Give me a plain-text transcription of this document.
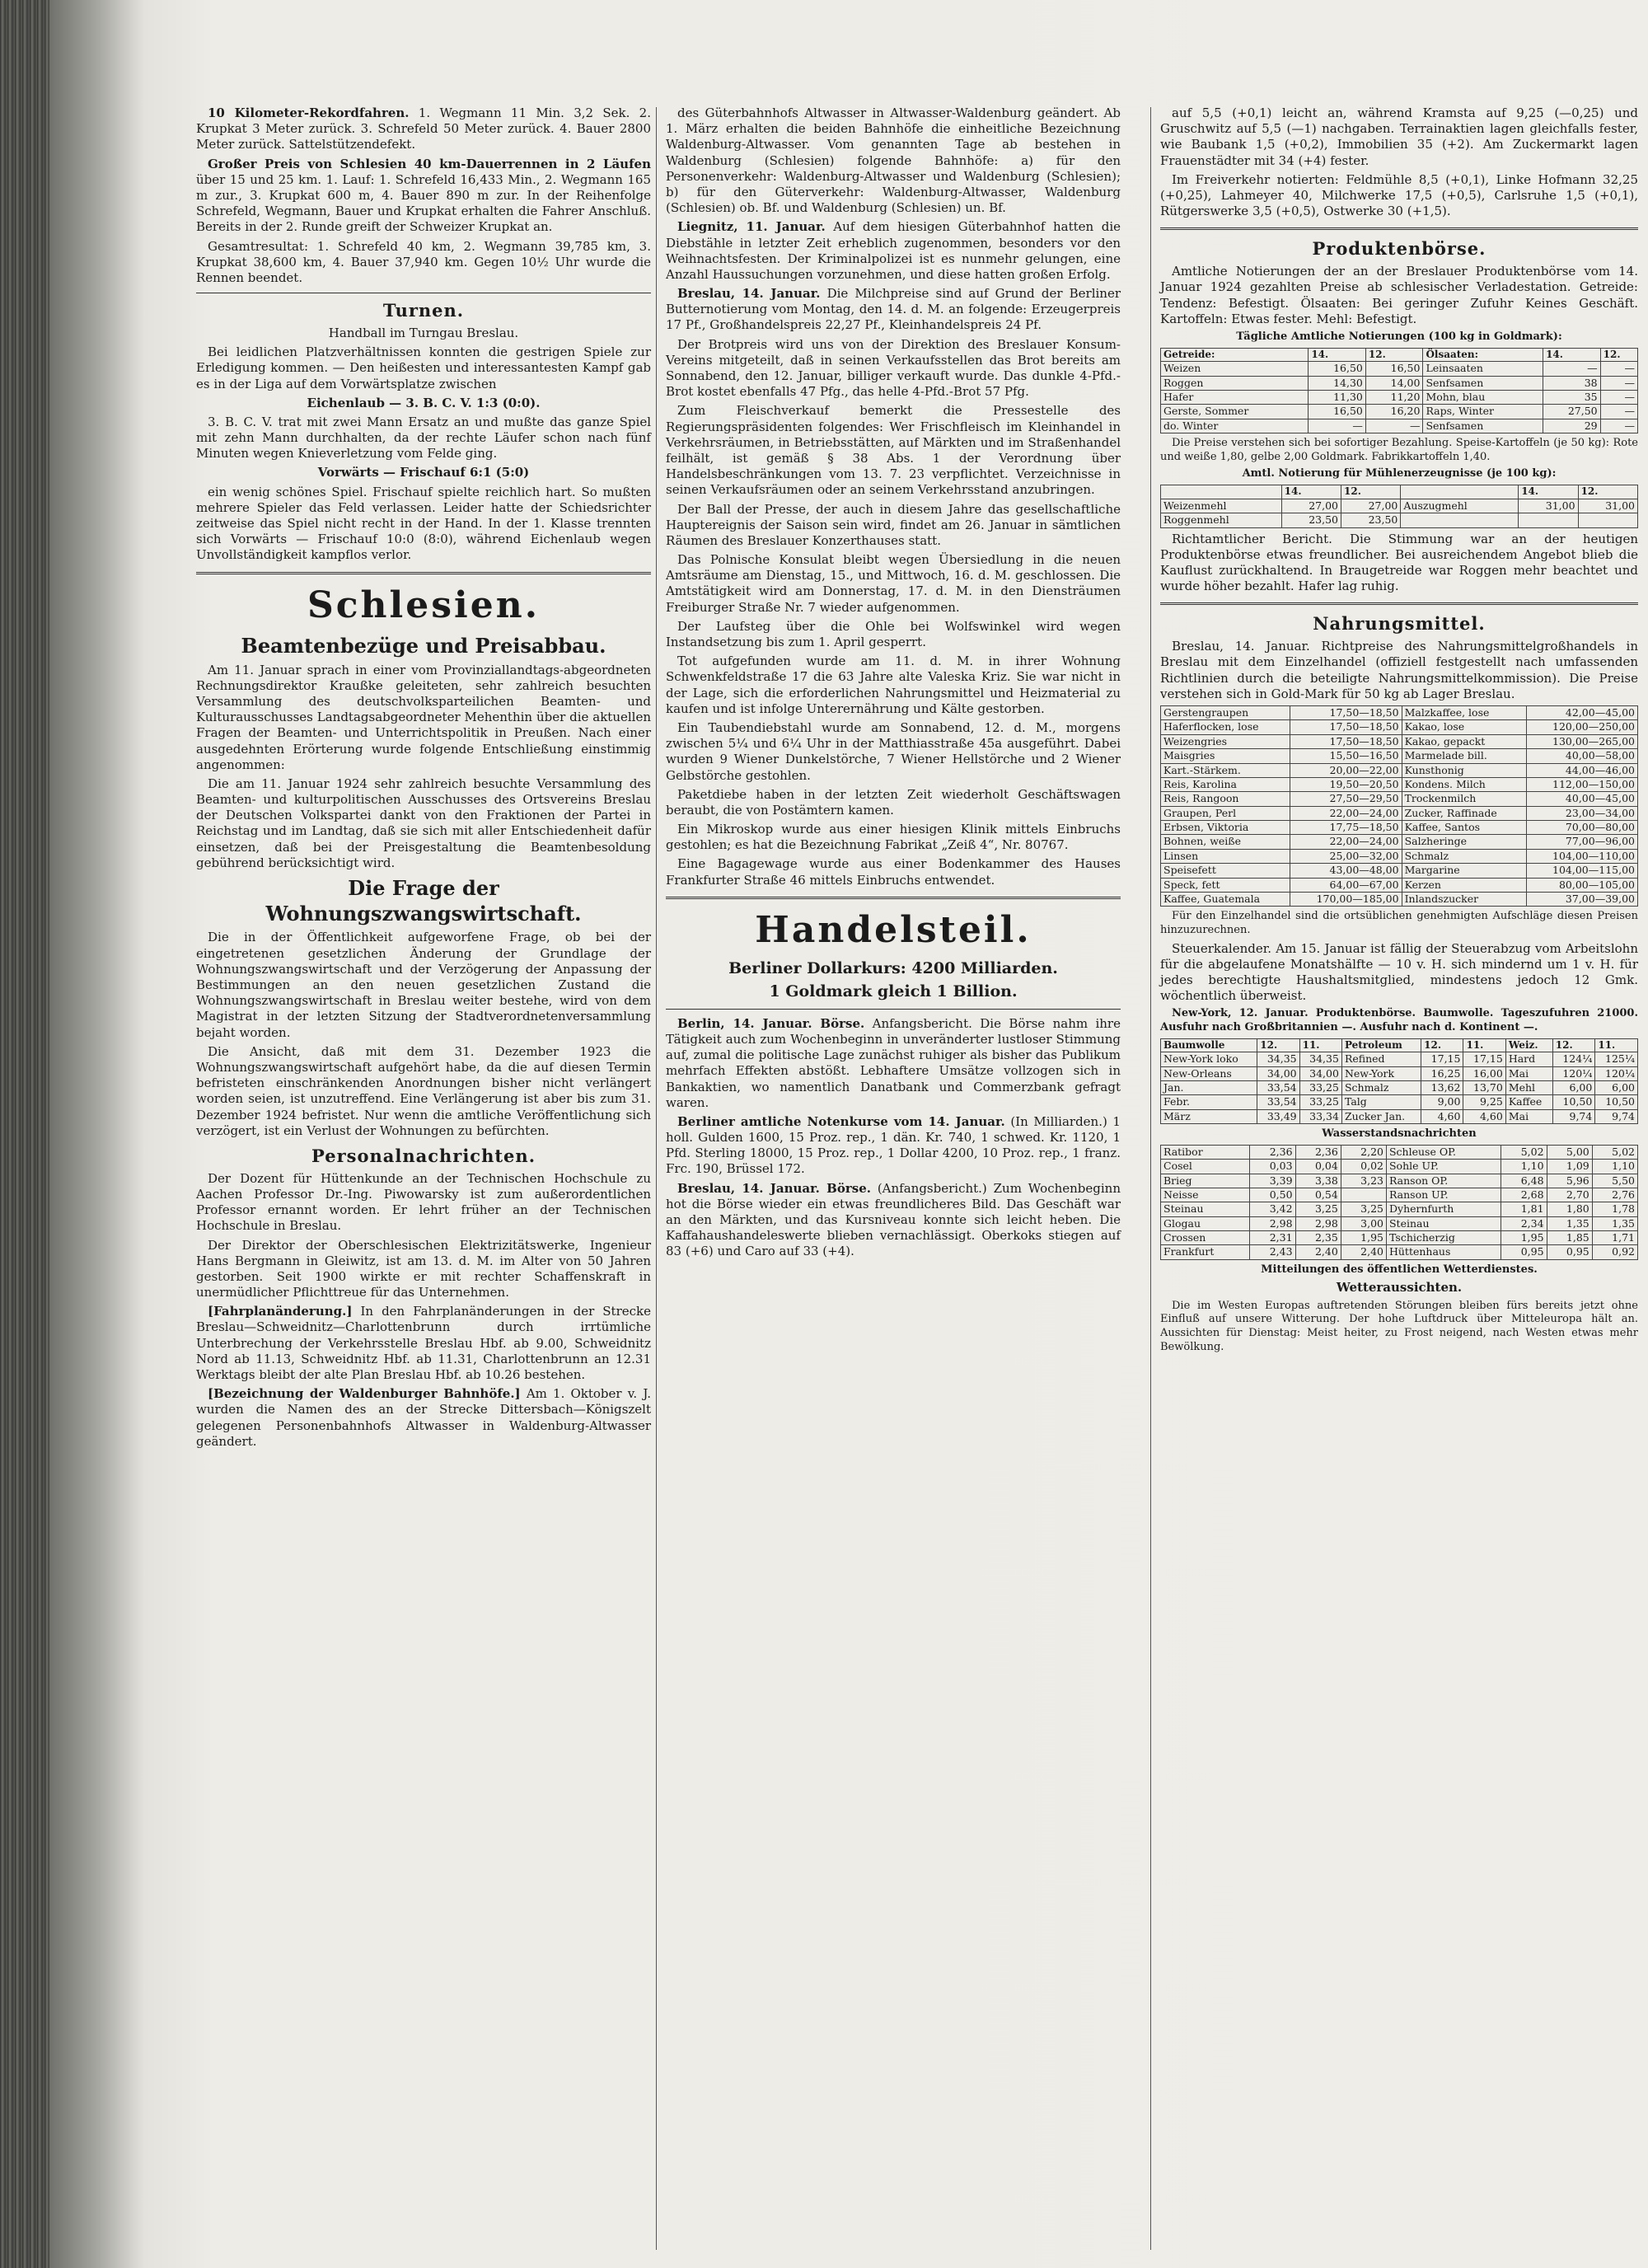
10 Kilometer-Rekordfahren. 1. Wegmann 11 Min. 3,2 Sek. 2. Krupkat 3 Meter zurück. 3. Schrefeld 50 Meter zurück. 4. Bauer 2800 Meter zurück. Sattelstützendefekt.

Großer Preis von Schlesien 40 km-Dauerrennen in 2 Läufen über 15 und 25 km. 1. Lauf: 1. Schrefeld 16,433 Min., 2. Wegmann 165 m zur., 3. Krupkat 600 m, 4. Bauer 890 m zur. In der Reihenfolge Schrefeld, Wegmann, Bauer und Krupkat erhalten die Fahrer Anschluß. Bereits in der 2. Runde greift der Schweizer Krupkat an.

Gesamtresultat: 1. Schrefeld 40 km, 2. Wegmann 39,785 km, 3. Krupkat 38,600 km, 4. Bauer 37,940 km. Gegen 10½ Uhr wurde die Rennen beendet.

Turnen.

Handball im Turngau Breslau.

Bei leidlichen Platzverhältnissen konnten die gestrigen Spiele zur Erledigung kommen. — Den heißesten und interessantesten Kampf gab es in der Liga auf dem Vorwärtsplatze zwischen

Eichenlaub — 3. B. C. V. 1:3 (0:0).

3. B. C. V. trat mit zwei Mann Ersatz an und mußte das ganze Spiel mit zehn Mann durchhalten, da der rechte Läufer schon nach fünf Minuten wegen Knieverletzung vom Felde ging.

Vorwärts — Frischauf 6:1 (5:0)

ein wenig schönes Spiel. Frischauf spielte reichlich hart. So mußten mehrere Spieler das Feld verlassen. Leider hatte der Schiedsrichter zeitweise das Spiel nicht recht in der Hand. In der 1. Klasse trennten sich Vorwärts — Frischauf 10:0 (8:0), während Eichenlaub wegen Unvollständigkeit kampflos verlor.

Schlesien.
Beamtenbezüge und Preisabbau.

Am 11. Januar sprach in einer vom Provinziallandtags-abgeordneten Rechnungsdirektor Kraußke geleiteten, sehr zahlreich besuchten Versammlung des deutschvolksparteilichen Beamten- und Kulturausschusses Landtagsabgeordneter Mehenthin über die aktuellen Fragen der Beamten- und Unterrichtspolitik in Preußen. Nach einer ausgedehnten Erörterung wurde folgende Entschließung einstimmig angenommen:

Die am 11. Januar 1924 sehr zahlreich besuchte Versammlung des Beamten- und kulturpolitischen Ausschusses des Ortsvereins Breslau der Deutschen Volkspartei dankt von den Fraktionen der Partei in Reichstag und im Landtag, daß sie sich mit aller Entschiedenheit dafür einsetzen, daß bei der Preisgestaltung die Beamtenbesoldung gebührend berücksichtigt wird.

Die Frage der Wohnungszwangswirtschaft.

Die in der Öffentlichkeit aufgeworfene Frage, ob bei der eingetretenen gesetzlichen Änderung der Grundlage der Wohnungszwangswirtschaft und der Verzögerung der Anpassung der Bestimmungen an den neuen gesetzlichen Zustand die Wohnungszwangswirtschaft in Breslau weiter bestehe, wird von dem Magistrat in der letzten Sitzung der Stadtverordnetenversammlung bejaht worden.

Die Ansicht, daß mit dem 31. Dezember 1923 die Wohnungszwangswirtschaft aufgehört habe, da die auf diesen Termin befristeten einschränkenden Anordnungen bisher nicht verlängert worden seien, ist unzutreffend. Eine Verlängerung ist aber bis zum 31. Dezember 1924 befristet. Nur wenn die amtliche Veröffentlichung sich verzögert, ist ein Verlust der Wohnungen zu befürchten.

Personalnachrichten.

Der Dozent für Hüttenkunde an der Technischen Hochschule zu Aachen Professor Dr.-Ing. Piwowarsky ist zum außerordentlichen Professor ernannt worden. Er lehrt früher an der Technischen Hochschule in Breslau.

Der Direktor der Oberschlesischen Elektrizitätswerke, Ingenieur Hans Bergmann in Gleiwitz, ist am 13. d. M. im Alter von 50 Jahren gestorben. Seit 1900 wirkte er mit rechter Schaffenskraft in unermüdlicher Pflichttreue für das Unternehmen.

[Fahrplanänderung.] In den Fahrplanänderungen in der Strecke Breslau—Schweidnitz—Charlottenbrunn durch irrtümliche Unterbrechung der Verkehrsstelle Breslau Hbf. ab 9.00, Schweidnitz Nord ab 11.13, Schweidnitz Hbf. ab 11.31, Charlottenbrunn an 12.31 Werktags bleibt der alte Plan Breslau Hbf. ab 10.26 bestehen.

[Bezeichnung der Waldenburger Bahnhöfe.] Am 1. Oktober v. J. wurden die Namen des an der Strecke Dittersbach—Königszelt gelegenen Personenbahnhofs Altwasser in Waldenburg-Altwasser geändert.

des Güterbahnhofs Altwasser in Altwasser-Waldenburg geändert. Ab 1. März erhalten die beiden Bahnhöfe die einheitliche Bezeichnung Waldenburg-Altwasser. Vom genannten Tage ab bestehen in Waldenburg (Schlesien) folgende Bahnhöfe: a) für den Personenverkehr: Waldenburg-Altwasser und Waldenburg (Schlesien); b) für den Güterverkehr: Waldenburg-Altwasser, Waldenburg (Schlesien) ob. Bf. und Waldenburg (Schlesien) un. Bf.

Liegnitz, 11. Januar. Auf dem hiesigen Güterbahnhof hatten die Diebstähle in letzter Zeit erheblich zugenommen, besonders vor den Weihnachtsfesten. Der Kriminalpolizei ist es nunmehr gelungen, eine Anzahl Haussuchungen vorzunehmen, und diese hatten großen Erfolg.

Breslau, 14. Januar. Die Milchpreise sind auf Grund der Berliner Butternotierung vom Montag, den 14. d. M. an folgende: Erzeugerpreis 17 Pf., Großhandelspreis 22,27 Pf., Kleinhandelspreis 24 Pf.

Der Brotpreis wird uns von der Direktion des Breslauer Konsum-Vereins mitgeteilt, daß in seinen Verkaufsstellen das Brot bereits am Sonnabend, den 12. Januar, billiger verkauft wurde. Das dunkle 4-Pfd.-Brot kostet ebenfalls 47 Pfg., das helle 4-Pfd.-Brot 57 Pfg.

Zum Fleischverkauf bemerkt die Pressestelle des Regierungspräsidenten folgendes: Wer Frischfleisch im Kleinhandel in Verkehrsräumen, in Betriebsstätten, auf Märkten und im Straßenhandel feilhält, ist gemäß § 38 Abs. 1 der Verordnung über Handelsbeschränkungen vom 13. 7. 23 verpflichtet. Verzeichnisse in seinen Verkaufsräumen oder an seinem Verkehrsstand anzubringen.

Der Ball der Presse, der auch in diesem Jahre das gesellschaftliche Hauptereignis der Saison sein wird, findet am 26. Januar in sämtlichen Räumen des Breslauer Konzerthauses statt.

Das Polnische Konsulat bleibt wegen Übersiedlung in die neuen Amtsräume am Dienstag, 15., und Mittwoch, 16. d. M. geschlossen. Die Amtstätigkeit wird am Donnerstag, 17. d. M. in den Diensträumen Freiburger Straße Nr. 7 wieder aufgenommen.

Der Laufsteg über die Ohle bei Wolfswinkel wird wegen Instandsetzung bis zum 1. April gesperrt.

Tot aufgefunden wurde am 11. d. M. in ihrer Wohnung Schwenkfeldstraße 17 die 63 Jahre alte Valeska Kriz. Sie war nicht in der Lage, sich die erforderlichen Nahrungsmittel und Heizmaterial zu kaufen und ist infolge Unterernährung und Kälte gestorben.

Ein Taubendiebstahl wurde am Sonnabend, 12. d. M., morgens zwischen 5¼ und 6¼ Uhr in der Matthiasstraße 45a ausgeführt. Dabei wurden 9 Wiener Dunkelstörche, 7 Wiener Hellstörche und 2 Wiener Gelbstörche gestohlen.

Paketdiebe haben in der letzten Zeit wiederholt Geschäftswagen beraubt, die von Postämtern kamen.

Ein Mikroskop wurde aus einer hiesigen Klinik mittels Einbruchs gestohlen; es hat die Bezeichnung Fabrikat „Zeiß 4“, Nr. 80767.

Eine Bagagewage wurde aus einer Bodenkammer des Hauses Frankfurter Straße 46 mittels Einbruchs entwendet.

Handelsteil.

Berliner Dollarkurs: 4200 Milliarden.

1 Goldmark gleich 1 Billion.

Berlin, 14. Januar. Börse. Anfangsbericht. Die Börse nahm ihre Tätigkeit auch zum Wochenbeginn in unveränderter lustloser Stimmung auf, zumal die politische Lage zunächst ruhiger als bisher das Publikum mehrfach Effekten abstößt. Lebhaftere Umsätze vollzogen sich in Bankaktien, wo namentlich Danatbank und Commerzbank gefragt waren.

Berliner amtliche Notenkurse vom 14. Januar. (In Milliarden.) 1 holl. Gulden 1600, 15 Proz. rep., 1 dän. Kr. 740, 1 schwed. Kr. 1120, 1 Pfd. Sterling 18000, 15 Proz. rep., 1 Dollar 4200, 10 Proz. rep., 1 franz. Frc. 190, Brüssel 172.

Breslau, 14. Januar. Börse. (Anfangsbericht.) Zum Wochenbeginn hot die Börse wieder ein etwas freundlicheres Bild. Das Geschäft war an den Märkten, und das Kursniveau konnte sich leicht heben. Die Kaffahaushandeleswerte blieben vernachlässigt. Oberkoks stiegen auf 83 (+6) und Caro auf 33 (+4).

auf 5,5 (+0,1) leicht an, während Kramsta auf 9,25 (—0,25) und Gruschwitz auf 5,5 (—1) nachgaben. Terrainaktien lagen gleichfalls fester, wie Baubank 1,5 (+0,2), Immobilien 35 (+2). Am Zuckermarkt lagen Frauenstädter mit 34 (+4) fester.

Im Freiverkehr notierten: Feldmühle 8,5 (+0,1), Linke Hofmann 32,25 (+0,25), Lahmeyer 40, Milchwerke 17,5 (+0,5), Carlsruhe 1,5 (+0,1), Rütgerswerke 3,5 (+0,5), Ostwerke 30 (+1,5).

Produktenbörse.

Amtliche Notierungen der an der Breslauer Produktenbörse vom 14. Januar 1924 gezahlten Preise ab schlesischer Verladestation. Getreide: Tendenz: Befestigt. Ölsaaten: Bei geringer Zufuhr Keines Geschäft. Kartoffeln: Etwas fester. Mehl: Befestigt.

Tägliche Amtliche Notierungen (100 kg in Goldmark):

Getreide:	14.	12.	Ölsaaten:	14.	12.
Weizen	16,50	16,50	Leinsaaten	—	—
Roggen	14,30	14,00	Senfsamen	38	—
Hafer	11,30	11,20	Mohn, blau	35	—
Gerste, Sommer	16,50	16,20	Raps, Winter	27,50	—
do. Winter	—	—	Senfsamen	29	—

Die Preise verstehen sich bei sofortiger Bezahlung. Speise-Kartoffeln (je 50 kg): Rote und weiße 1,80, gelbe 2,00 Goldmark. Fabrikkartoffeln 1,40.

Amtl. Notierung für Mühlenerzeugnisse (je 100 kg):

	14.	12.		14.	12.
Weizenmehl	27,00	27,00	Auszugmehl	31,00	31,00
Roggenmehl	23,50	23,50			

Richtamtlicher Bericht. Die Stimmung war an der heutigen Produktenbörse etwas freundlicher. Bei ausreichendem Angebot blieb die Kauflust zurückhaltend. In Braugetreide war Roggen mehr beachtet und wurde höher bezahlt. Hafer lag ruhig.

Nahrungsmittel.

Breslau, 14. Januar. Richtpreise des Nahrungsmittelgroßhandels in Breslau mit dem Einzelhandel (offiziell festgestellt nach umfassenden Richtlinien durch die beteiligte Nahrungsmittelkommission). Die Preise verstehen sich in Gold-Mark für 50 kg ab Lager Breslau.

Gerstengraupen	17,50—18,50	Malzkaffee, lose	42,00—45,00
Haferflocken, lose	17,50—18,50	Kakao, lose	120,00—250,00
Weizengries	17,50—18,50	Kakao, gepackt	130,00—265,00
Maisgries	15,50—16,50	Marmelade bill.	40,00—58,00
Kart.-Stärkem.	20,00—22,00	Kunsthonig	44,00—46,00
Reis, Karolina	19,50—20,50	Kondens. Milch	112,00—150,00
Reis, Rangoon	27,50—29,50	Trockenmilch	40,00—45,00
Graupen, Perl	22,00—24,00	Zucker, Raffinade	23,00—34,00
Erbsen, Viktoria	17,75—18,50	Kaffee, Santos	70,00—80,00
Bohnen, weiße	22,00—24,00	Salzheringe	77,00—96,00
Linsen	25,00—32,00	Schmalz	104,00—110,00
Speisefett	43,00—48,00	Margarine	104,00—115,00
Speck, fett	64,00—67,00	Kerzen	80,00—105,00
Kaffee, Guatemala	170,00—185,00	Inlandszucker	37,00—39,00

Für den Einzelhandel sind die ortsüblichen genehmigten Aufschläge diesen Preisen hinzuzurechnen.

Steuerkalender. Am 15. Januar ist fällig der Steuerabzug vom Arbeitslohn für die abgelaufene Monatshälfte — 10 v. H. sich mindernd um 1 v. H. für jedes berechtigte Haushaltsmitglied, mindestens jedoch 12 Gmk. wöchentlich überweist.

New-York, 12. Januar. Produktenbörse. Baumwolle. Tageszufuhren 21000. Ausfuhr nach Großbritannien —. Ausfuhr nach d. Kontinent —.

Baumwolle	12.	11.	Petroleum	12.	11.	Weiz.	12.	11.
New-York loko	34,35	34,35	Refined	17,15	17,15	Hard	124¼	125¼
New-Orleans	34,00	34,00	New-York	16,25	16,00	Mai	120¼	120¼
Jan.	33,54	33,25	Schmalz	13,62	13,70	Mehl	6,00	6,00
Febr.	33,54	33,25	Talg	9,00	9,25	Kaffee	10,50	10,50
März	33,49	33,34	Zucker Jan.	4,60	4,60	Mai	9,74	9,74

Wasserstandsnachrichten

Ratibor	2,36	2,36	2,20	Schleuse OP.	5,02	5,00	5,02
Cosel	0,03	0,04	0,02	Sohle UP.	1,10	1,09	1,10
Brieg	3,39	3,38	3,23	Ranson OP.	6,48	5,96	5,50
Neisse	0,50	0,54		Ranson UP.	2,68	2,70	2,76
Steinau	3,42	3,25	3,25	Dyhernfurth	1,81	1,80	1,78
Glogau	2,98	2,98	3,00	Steinau	2,34	1,35	1,35
Crossen	2,31	2,35	1,95	Tschicherzig	1,95	1,85	1,71
Frankfurt	2,43	2,40	2,40	Hüttenhaus	0,95	0,95	0,92

Mitteilungen des öffentlichen Wetterdienstes.

Wetteraussichten.

Die im Westen Europas auftretenden Störungen bleiben fürs bereits jetzt ohne Einfluß auf unsere Witterung. Der hohe Luftdruck über Mitteleuropa hält an. Aussichten für Dienstag: Meist heiter, zu Frost neigend, nach Westen etwas mehr Bewölkung.
